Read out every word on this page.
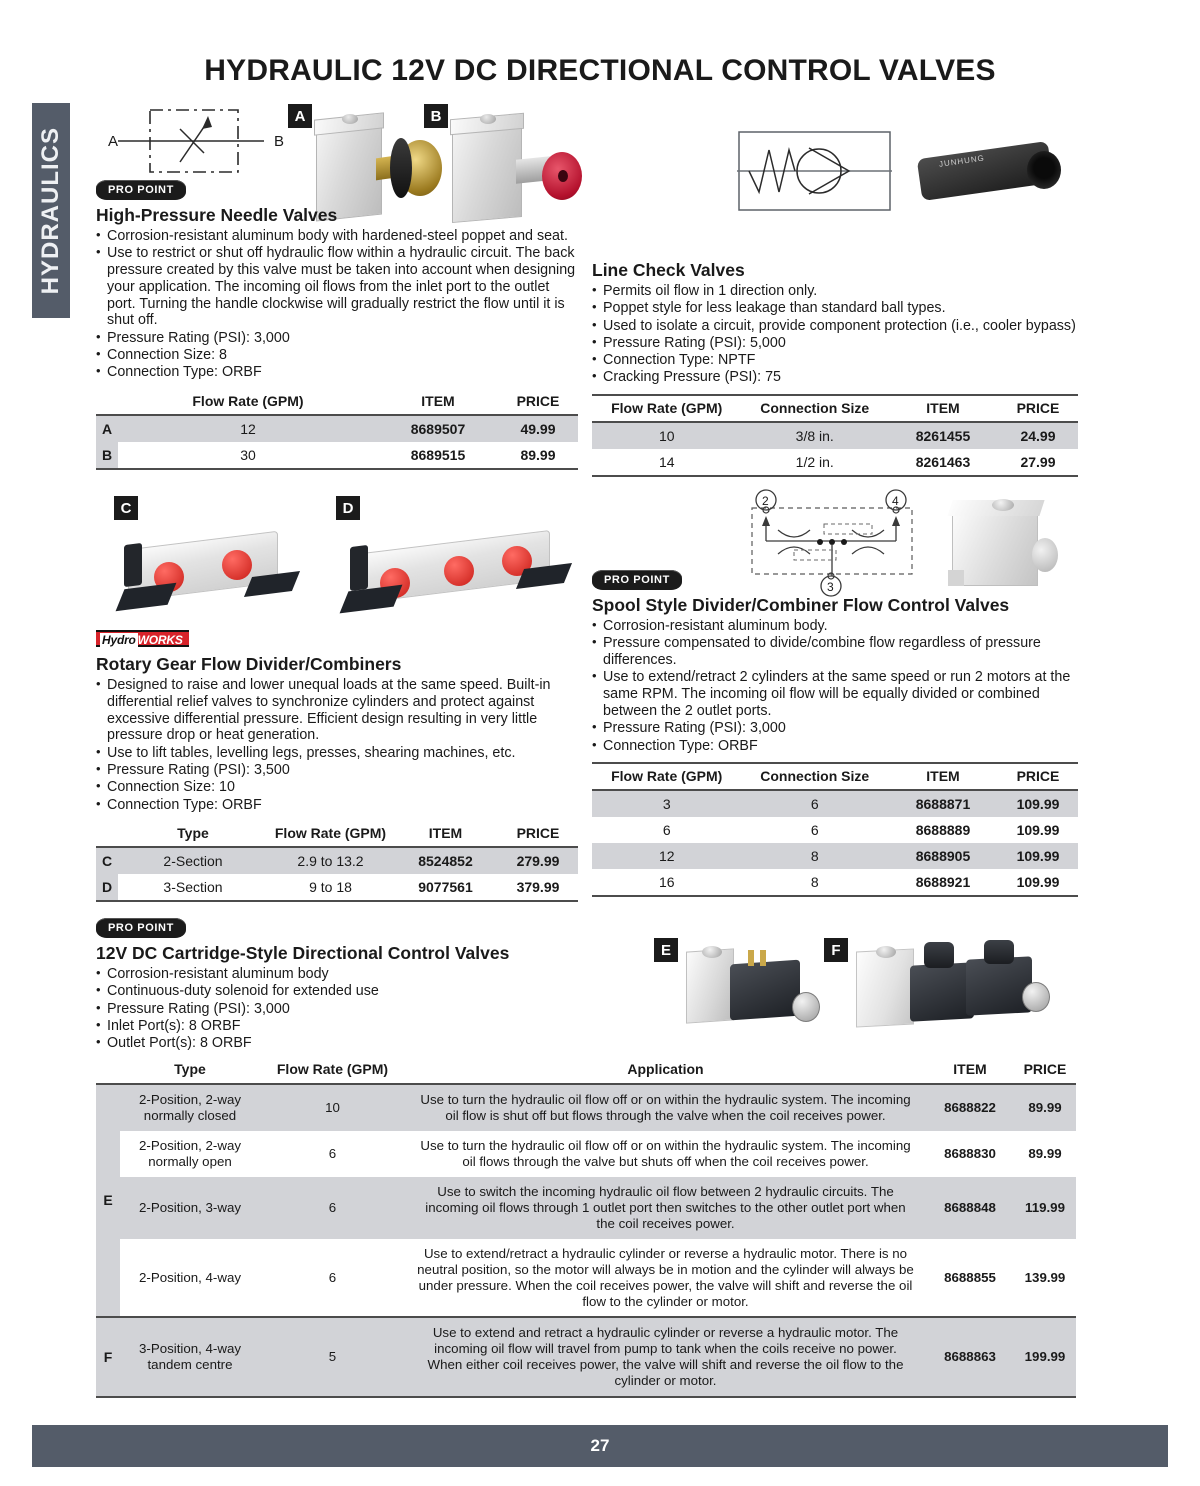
HYDRAULICS
HYDRAULIC 12V DC DIRECTIONAL CONTROL VALVES
A	B
A	B
JUNHUNG
PRO POINT
High-Pressure Needle Valves
• Corrosion-resistant aluminum body with hardened-steel poppet and seat.
• Use to restrict or shut off hydraulic flow within a hydraulic circuit. The back pressure created by this valve must be taken into account when designing your application. The incoming oil flows from the inlet port to the outlet port. Turning the handle clockwise will gradually restrict the flow until it is shut off.
• Pressure Rating (PSI): 3,000
• Connection Size: 8
• Connection Type: ORBF
	Flow Rate (GPM)	ITEM	PRICE
A	12	8689507	49.99
B	30	8689515	89.99
Line Check Valves
• Permits oil flow in 1 direction only.
• Poppet style for less leakage than standard ball types.
• Used to isolate a circuit, provide component protection (i.e., cooler bypass)
• Pressure Rating (PSI): 5,000
• Connection Type: NPTF
• Cracking Pressure (PSI): 75
Flow Rate (GPM)	Connection Size	ITEM	PRICE
10	3/8 in.	8261455	24.99
14	1/2 in.	8261463	27.99
C	D	2	4
3
Hydro WORKS
Rotary Gear Flow Divider/Combiners
• Designed to raise and lower unequal loads at the same speed. Built-in differential relief valves to synchronize cylinders and protect against excessive differential pressure. Efficient design resulting in very little pressure drop or heat generation.
• Use to lift tables, levelling legs, presses, shearing machines, etc.
• Pressure Rating (PSI): 3,500
• Connection Size: 10
• Connection Type: ORBF
	Type	Flow Rate (GPM)	ITEM	PRICE
C	2-Section	2.9 to 13.2	8524852	279.99
D	3-Section	9 to 18	9077561	379.99
PRO POINT
Spool Style Divider/Combiner Flow Control Valves
• Corrosion-resistant aluminum body.
• Pressure compensated to divide/combine flow regardless of pressure differences.
• Use to extend/retract 2 cylinders at the same speed or run 2 motors at the same RPM. The incoming oil flow will be equally divided or combined between the 2 outlet ports.
• Pressure Rating (PSI): 3,000
• Connection Type: ORBF
Flow Rate (GPM)	Connection Size	ITEM	PRICE
3	6	8688871	109.99
6	6	8688889	109.99
12	8	8688905	109.99
16	8	8688921	109.99
E	F
PRO POINT
12V DC Cartridge-Style Directional Control Valves
• Corrosion-resistant aluminum body
• Continuous-duty solenoid for extended use
• Pressure Rating (PSI): 3,000
• Inlet Port(s): 8 ORBF
• Outlet Port(s): 8 ORBF
	Type	Flow Rate (GPM)	Application	ITEM	PRICE
E	2-Position, 2-way normally closed	10	Use to turn the hydraulic oil flow off or on within the hydraulic system. The incoming oil flow is shut off but flows through the valve when the coil receives power.	8688822	89.99
	2-Position, 2-way normally open	6	Use to turn the hydraulic oil flow off or on within the hydraulic system. The incoming oil flows through the valve but shuts off when the coil receives power.	8688830	89.99
	2-Position, 3-way	6	Use to switch the incoming hydraulic oil flow between 2 hydraulic circuits. The incoming oil flows through 1 outlet port then switches to the other outlet port when the coil receives power.	8688848	119.99
	2-Position, 4-way	6	Use to extend/retract a hydraulic cylinder or reverse a hydraulic motor. There is no neutral position, so the motor will always be in motion and the cylinder will always be under pressure. When the coil receives power, the valve will shift and reverse the oil flow to the cylinder or motor.	8688855	139.99
F	3-Position, 4-way tandem centre	5	Use to extend and retract a hydraulic cylinder or reverse a hydraulic motor. The incoming oil flow will travel from pump to tank when the coils receive no power. When either coil receives power, the valve will shift and reverse the oil flow to the cylinder or motor.	8688863	199.99
27
